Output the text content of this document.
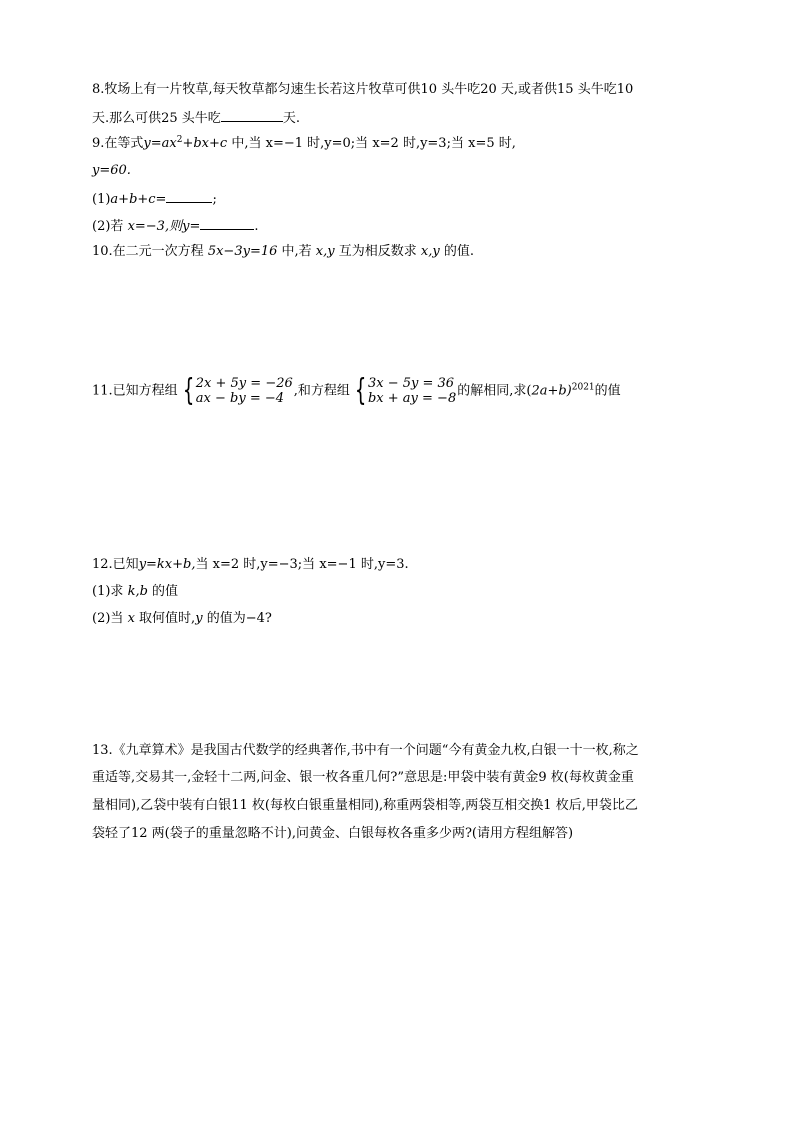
8.牧场上有一片牧草,每天牧草都匀速生长若这片牧草可供10 头牛吃20 天,或者供15 头牛吃10
天.那么可供25 头牛吃	天.
9.在等式$y=ax^2+bx+c$ 中,当 x=−1 时,y=0;当 x=2 时,y=3;当 x=5 时,
y=60.
(1)a+b+c=	;
(2)若 x=−3,则y=	.
10.在二元一次方程 5x−3y=16 中,若 x,y 互为相反数求 x,y 的值.
11.已知方程组 { 2x + 5y = −26
ax − by = −4 ,和方程组 { 3x − 5y = 36
bx + ay = −8 的解相同,求$(2a+b)^{2021}$的值
12.已知y=kx+b,当 x=2 时,y=−3;当 x=−1 时,y=3.
(1)求 k,b 的值
(2)当 x 取何值时,y 的值为−4?
13.《九章算术》是我国古代数学的经典著作,书中有一个问题“今有黄金九枚,白银一十一枚,称之
重适等,交易其一,金轻十二两,问金、银一枚各重几何?”意思是:甲袋中装有黄金9 枚(每枚黄金重
量相同),乙袋中装有白银11 枚(每枚白银重量相同),称重两袋相等,两袋互相交换1 枚后,甲袋比乙
袋轻了12 两(袋子的重量忽略不计),问黄金、白银每枚各重多少两?(请用方程组解答)
